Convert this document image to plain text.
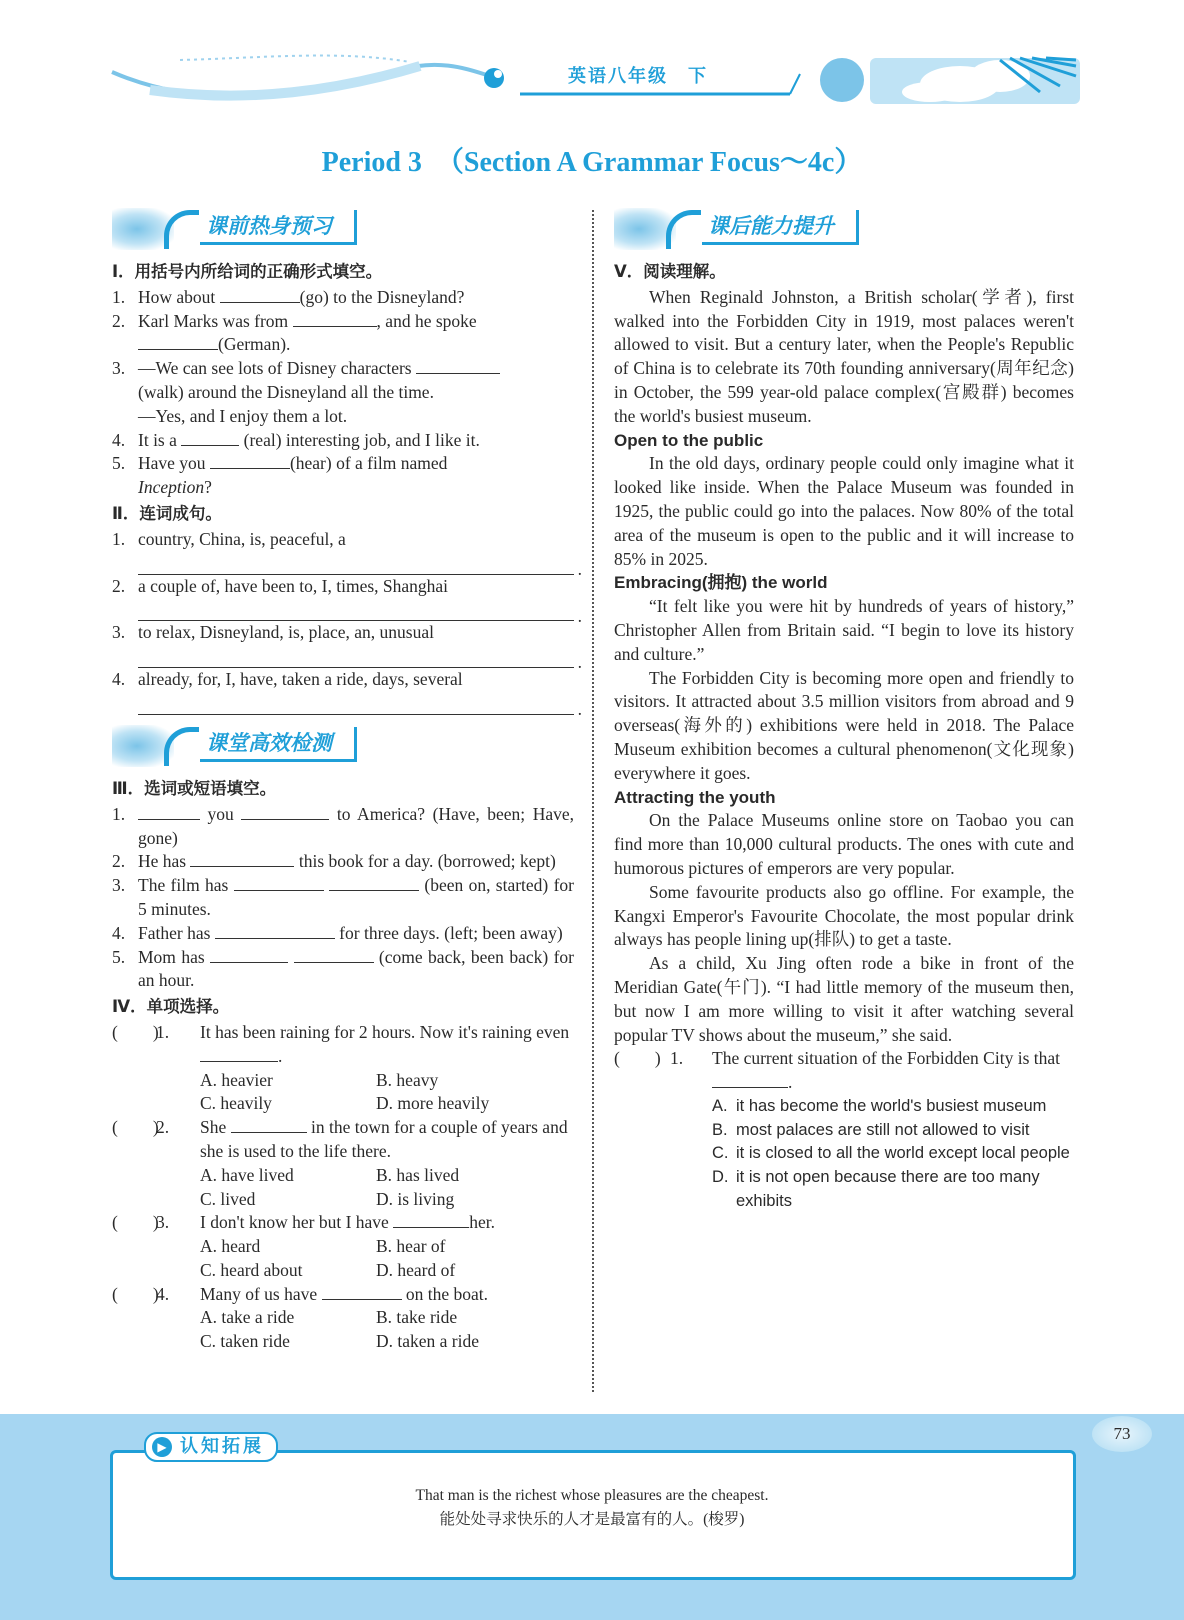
英语八年级　下
Period 3　（Section A Grammar Focus～4c）
课前热身预习
Ⅰ．用括号内所给词的正确形式填空。
1. How about	(go) to the Disneyland?
2. Karl Marks was from	, and he spoke
(German).
3. —We can see lots of Disney characters
(walk) around the Disneyland all the time.
—Yes, and I enjoy them a lot.
4. It is a	(real) interesting job, and I like it.
5. Have you	(hear) of a film named
Inception?
Ⅱ．连词成句。
1. country, China, is, peaceful, a
.
2. a couple of, have been to, I, times, Shanghai
.
3. to relax, Disneyland, is, place, an, unusual
.
4. already, for, I, have, taken a ride, days, several
.
课堂高效检测
Ⅲ．选词或短语填空。
1.	you	to America? (Have, been; Have, gone)
2. He has	this book for a day. (borrowed; kept)
3. The film has	(been on, started) for 5 minutes.
4. Father has	for three days. (left; been away)
5. Mom has	(come back, been back) for an hour.
Ⅳ．单项选择。
(　　)
1. It has been raining for 2 hours. Now it's raining even .
A. heavier	B. heavy
C. heavily	D. more heavily
(　　)
2. She	in the town for a couple of years and she is used to the life there.
A. have lived	B. has lived
C. lived	D. is living
(　　)
3. I don't know her but I have	her.
A. heard	B. hear of
C. heard about	D. heard of
(　　)
4. Many of us have	on the boat.
A. take a ride	B. take ride
C. taken ride	D. taken a ride
课后能力提升
Ⅴ．阅读理解。
When Reginald Johnston, a British scholar(学者), first walked into the Forbidden City in 1919, most palaces weren't allowed to visit. But a century later, when the People's Republic of China is to celebrate its 70th founding anniversary(周年纪念) in October, the 599 year-old palace complex(宫殿群) becomes the world's busiest museum.
Open to the public
In the old days, ordinary people could only imagine what it looked like inside. When the Palace Museum was founded in 1925, the public could go into the palaces. Now 80% of the total area of the museum is open to the public and it will increase to 85% in 2025.
Embracing(拥抱) the world
“It felt like you were hit by hundreds of years of history,” Christopher Allen from Britain said. “I begin to love its history and culture.”
The Forbidden City is becoming more open and friendly to visitors. It attracted about 3.5 million visitors from abroad and 9 overseas(海外的) exhibitions were held in 2018. The Palace Museum exhibition becomes a cultural phenomenon(文化现象) everywhere it goes.
Attracting the youth
On the Palace Museums online store on Taobao you can find more than 10,000 cultural products. The ones with cute and humorous pictures of emperors are very popular.
Some favourite products also go offline. For example, the Kangxi Emperor's Favourite Chocolate, the most popular drink always has people lining up(排队) to get a taste.
As a child, Xu Jing often rode a bike in front of the Meridian Gate(午门). “I had little memory of the museum then, but now I am more willing to visit it after watching several popular TV shows about the museum,” she said.
(　　) 1. The current situation of the Forbidden City is that .
A. it has become the world's busiest museum
B. most palaces are still not allowed to visit
C. it is closed to all the world except local people
D. it is not open because there are too many exhibits
73
▶ 认知拓展
That man is the richest whose pleasures are the cheapest.
能处处寻求快乐的人才是最富有的人。(梭罗)
